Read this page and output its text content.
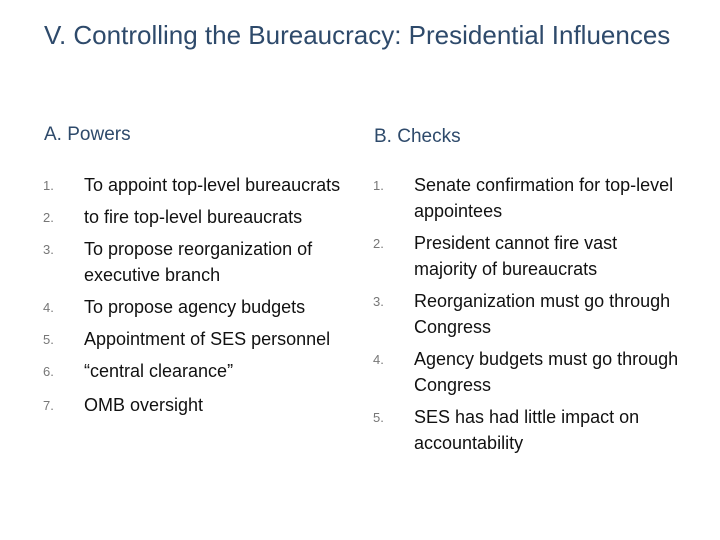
V. Controlling the Bureaucracy: Presidential Influences
A. Powers	B. Checks
1. To appoint top-level bureaucrats
2. to fire top-level bureaucrats
3. To propose reorganization of executive branch
4. To propose agency budgets
5. Appointment of SES personnel
6. “central clearance”
7. OMB oversight
1. Senate confirmation for top-level appointees
2. President cannot fire vast majority of bureaucrats
3. Reorganization must go through Congress
4. Agency budgets must go through Congress
5. SES has had little impact on accountability
